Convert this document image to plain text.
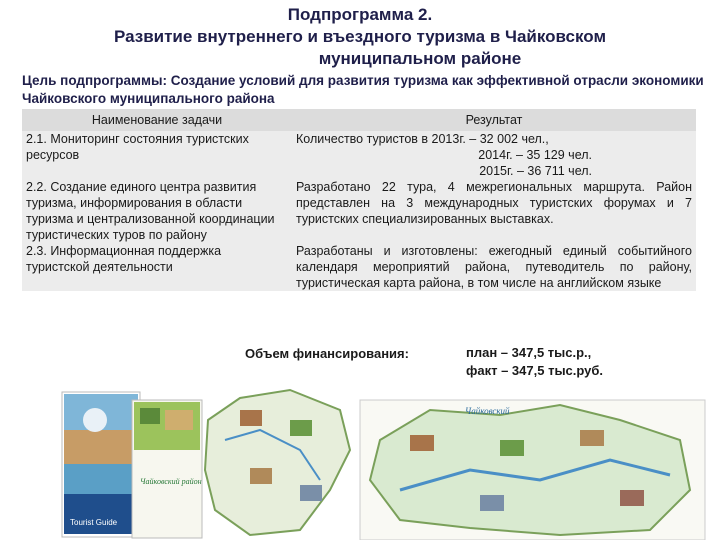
Подпрограмма 2.
Развитие внутреннего и въездного туризма в Чайковском
муниципальном районе
Цель подпрограммы: Создание условий для развития туризма как эффективной отрасли экономики Чайковского муниципального района
Наименование задачи	Результат
2.1. Мониторинг состояния туристских ресурсов	Количество туристов в 2013г. – 32 002 чел.,
2014г. – 35 129 чел.
2015г. – 36 711 чел.

2.2. Создание единого центра развития туризма, информирования в области туризма и централизованной координации туристических туров по району	Разработано 22 тура, 4 межрегиональных маршрута. Район представлен на 3 международных туристских форумах и 7 туристских специализированных выставках.
2.3. Информационная поддержка туристской деятельности	Разработаны и изготовлены: ежегодный единый событийного календаря мероприятий района, путеводитель по району, туристическая карта района, в том числе на английском языке
Объем финансирования:	план – 347,5 тыс.р.,
факт – 347,5 тыс.руб.
Tourist Guide
Чайковский район
Чайковский
